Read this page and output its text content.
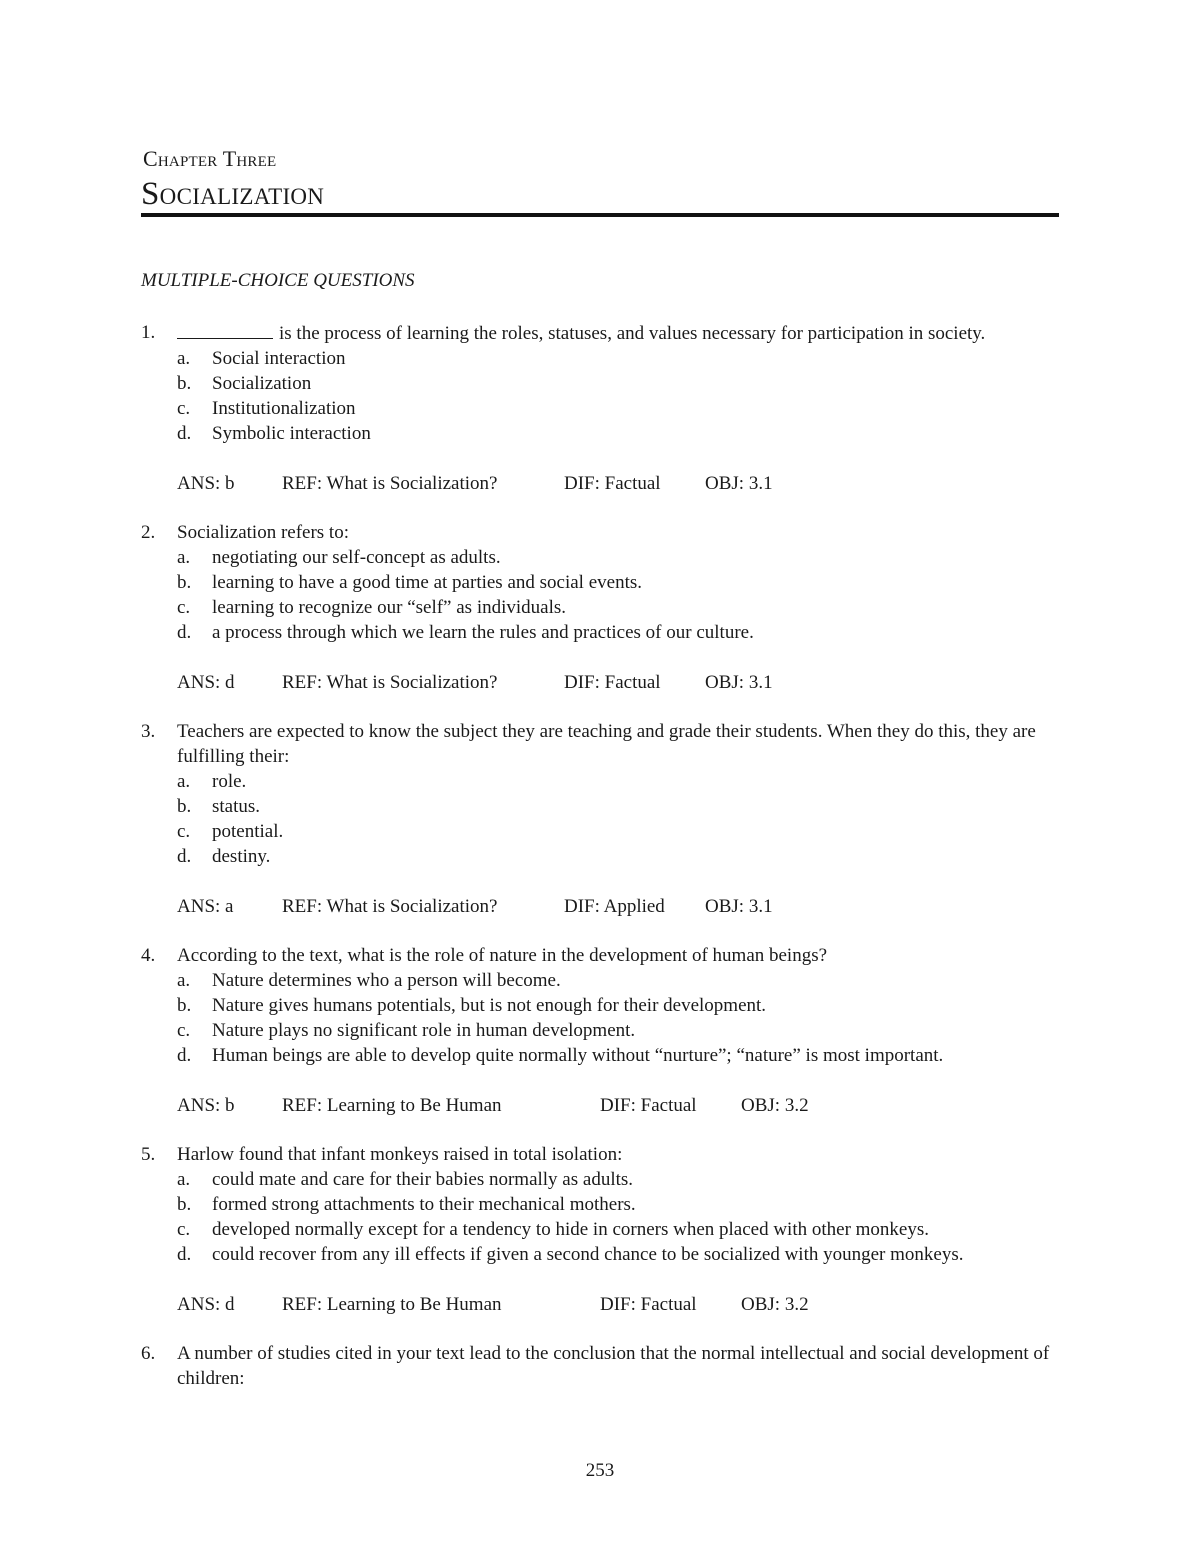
Chapter Three
Socialization
MULTIPLE-CHOICE QUESTIONS
1.	is the process of learning the roles, statuses, and values necessary for participation in society.
a. Social interaction
b. Socialization
c. Institutionalization
d. Symbolic interaction
ANS: b REF: What is Socialization?	DIF: Factual OBJ: 3.1
2. Socialization refers to:
a. negotiating our self-concept as adults.
b. learning to have a good time at parties and social events.
c. learning to recognize our “self” as individuals.
d. a process through which we learn the rules and practices of our culture.
ANS: d REF: What is Socialization?	DIF: Factual OBJ: 3.1
3. Teachers are expected to know the subject they are teaching and grade their students. When they do this, they are fulfilling their:
a. role.
b. status.
c. potential.
d. destiny.
ANS: a	REF: What is Socialization?	DIF: Applied OBJ: 3.1
4. According to the text, what is the role of nature in the development of human beings?
a. Nature determines who a person will become.
b. Nature gives humans potentials, but is not enough for their development.
c. Nature plays no significant role in human development.
d. Human beings are able to develop quite normally without “nurture”; “nature” is most important.
ANS: b REF: Learning to Be Human	DIF: Factual OBJ: 3.2
5. Harlow found that infant monkeys raised in total isolation:
a. could mate and care for their babies normally as adults.
b. formed strong attachments to their mechanical mothers.
c. developed normally except for a tendency to hide in corners when placed with other monkeys.
d. could recover from any ill effects if given a second chance to be socialized with younger monkeys.
ANS: d REF: Learning to Be Human	DIF: Factual OBJ: 3.2
6. A number of studies cited in your text lead to the conclusion that the normal intellectual and social development of children:
253
